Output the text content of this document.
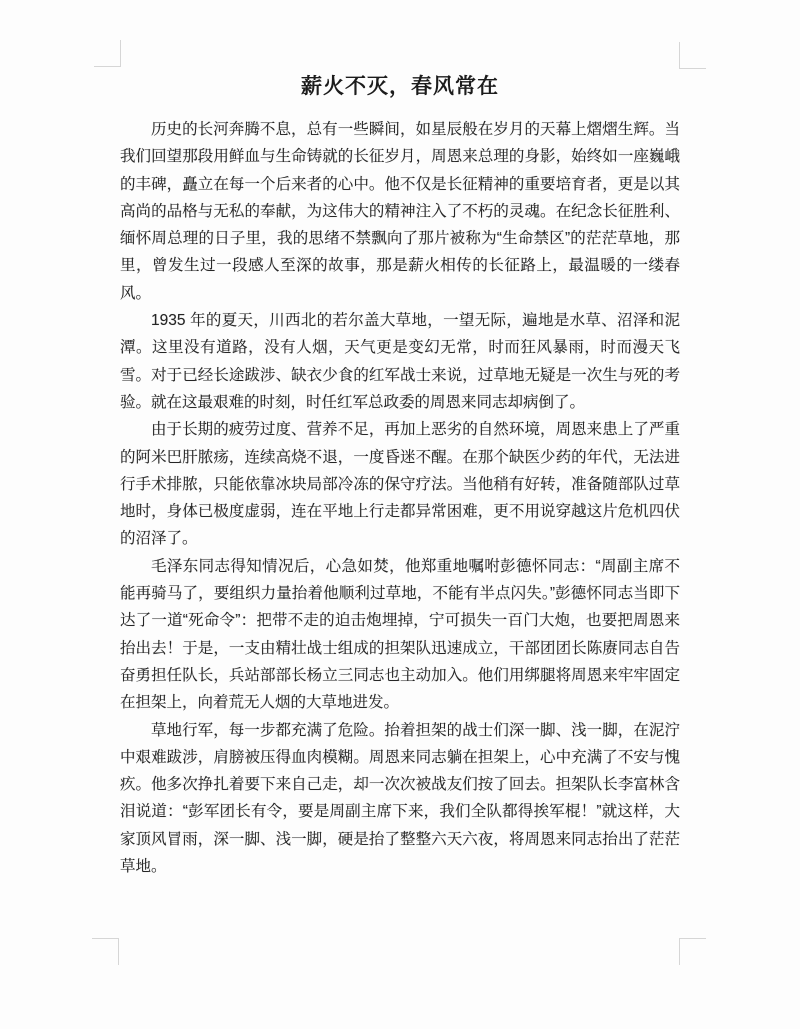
薪火不灭，春风常在

历史的长河奔腾不息，总有一些瞬间，如星辰般在岁月的天幕上熠熠生辉。当我们回望那段用鲜血与生命铸就的长征岁月，周恩来总理的身影，始终如一座巍峨的丰碑，矗立在每一个后来者的心中。他不仅是长征精神的重要培育者，更是以其高尚的品格与无私的奉献，为这伟大的精神注入了不朽的灵魂。在纪念长征胜利、缅怀周总理的日子里，我的思绪不禁飘向了那片被称为“生命禁区”的茫茫草地，那里，曾发生过一段感人至深的故事，那是薪火相传的长征路上，最温暖的一缕春风。

1935 年的夏天，川西北的若尔盖大草地，一望无际，遍地是水草、沼泽和泥潭。这里没有道路，没有人烟，天气更是变幻无常，时而狂风暴雨，时而漫天飞雪。对于已经长途跋涉、缺衣少食的红军战士来说，过草地无疑是一次生与死的考验。就在这最艰难的时刻，时任红军总政委的周恩来同志却病倒了。

由于长期的疲劳过度、营养不足，再加上恶劣的自然环境，周恩来患上了严重的阿米巴肝脓疡，连续高烧不退，一度昏迷不醒。在那个缺医少药的年代，无法进行手术排脓，只能依靠冰块局部冷冻的保守疗法。当他稍有好转，准备随部队过草地时，身体已极度虚弱，连在平地上行走都异常困难，更不用说穿越这片危机四伏的沼泽了。

毛泽东同志得知情况后，心急如焚，他郑重地嘱咐彭德怀同志：“周副主席不能再骑马了，要组织力量抬着他顺利过草地，不能有半点闪失。”彭德怀同志当即下达了一道“死命令”：把带不走的迫击炮埋掉，宁可损失一百门大炮，也要把周恩来抬出去！于是，一支由精壮战士组成的担架队迅速成立，干部团团长陈赓同志自告奋勇担任队长，兵站部部长杨立三同志也主动加入。他们用绑腿将周恩来牢牢固定在担架上，向着荒无人烟的大草地进发。

草地行军，每一步都充满了危险。抬着担架的战士们深一脚、浅一脚，在泥泞中艰难跋涉，肩膀被压得血肉模糊。周恩来同志躺在担架上，心中充满了不安与愧疚。他多次挣扎着要下来自己走，却一次次被战友们按了回去。担架队长李富林含泪说道：“彭军团长有令，要是周副主席下来，我们全队都得挨军棍！”就这样，大家顶风冒雨，深一脚、浅一脚，硬是抬了整整六天六夜，将周恩来同志抬出了茫茫草地。
